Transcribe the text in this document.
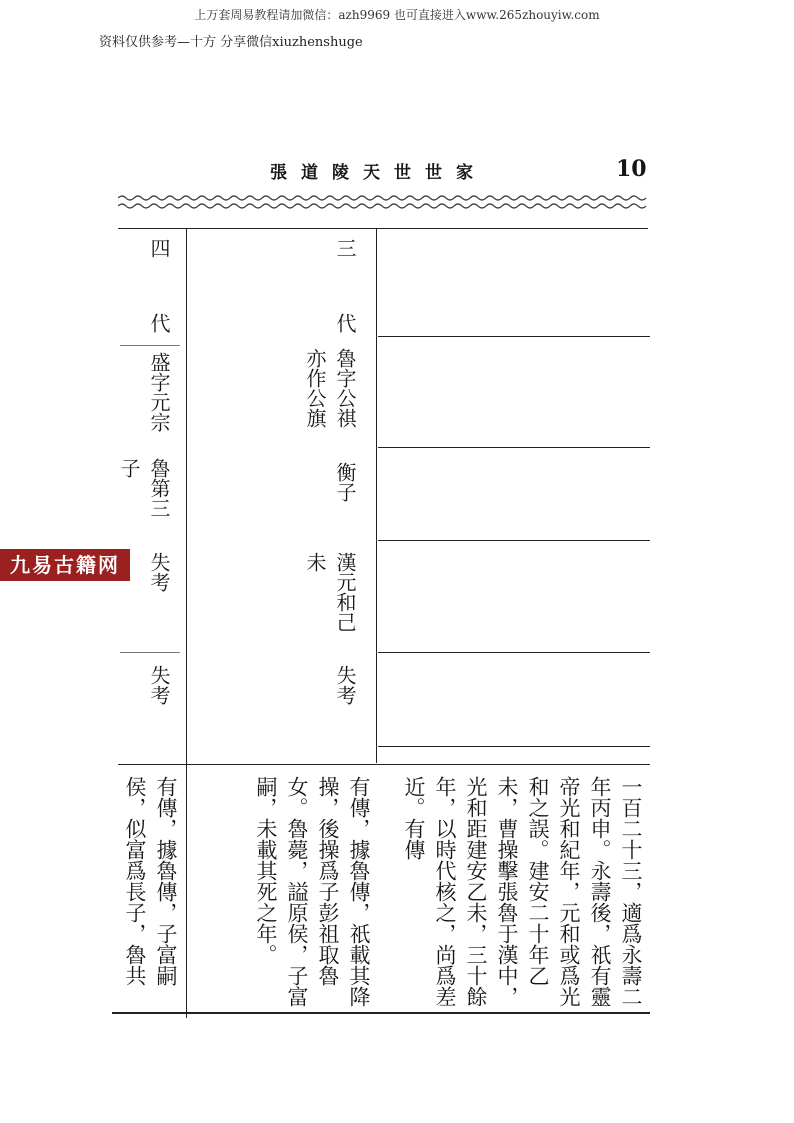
上万套周易教程请加微信：azh9969 也可直接进入www.265zhouyiw.com
资料仅供参考—十方 分享微信xiuzhenshuge
張道陵天世世家	10
四代
盛字元宗
魯第三
子
失考
失考
三代
魯字公祺
亦作公旗
衡子
漢元和己
未
失考
九易古籍网
一百二十三，適爲永壽二年丙申。永壽後，祇有靈帝光和紀年，元和或爲光和之誤。建安二十年乙未，曹操擊張魯于漢中，光和距建安乙未，三十餘年，以時代核之，尚爲差近。有傳
有傳，據魯傳，祇載其降操，後操爲子彭祖取魯女。魯薨，謚原侯，子富嗣，未載其死之年。
有傳，據魯傳，子富嗣侯，似富爲長子，魯共
